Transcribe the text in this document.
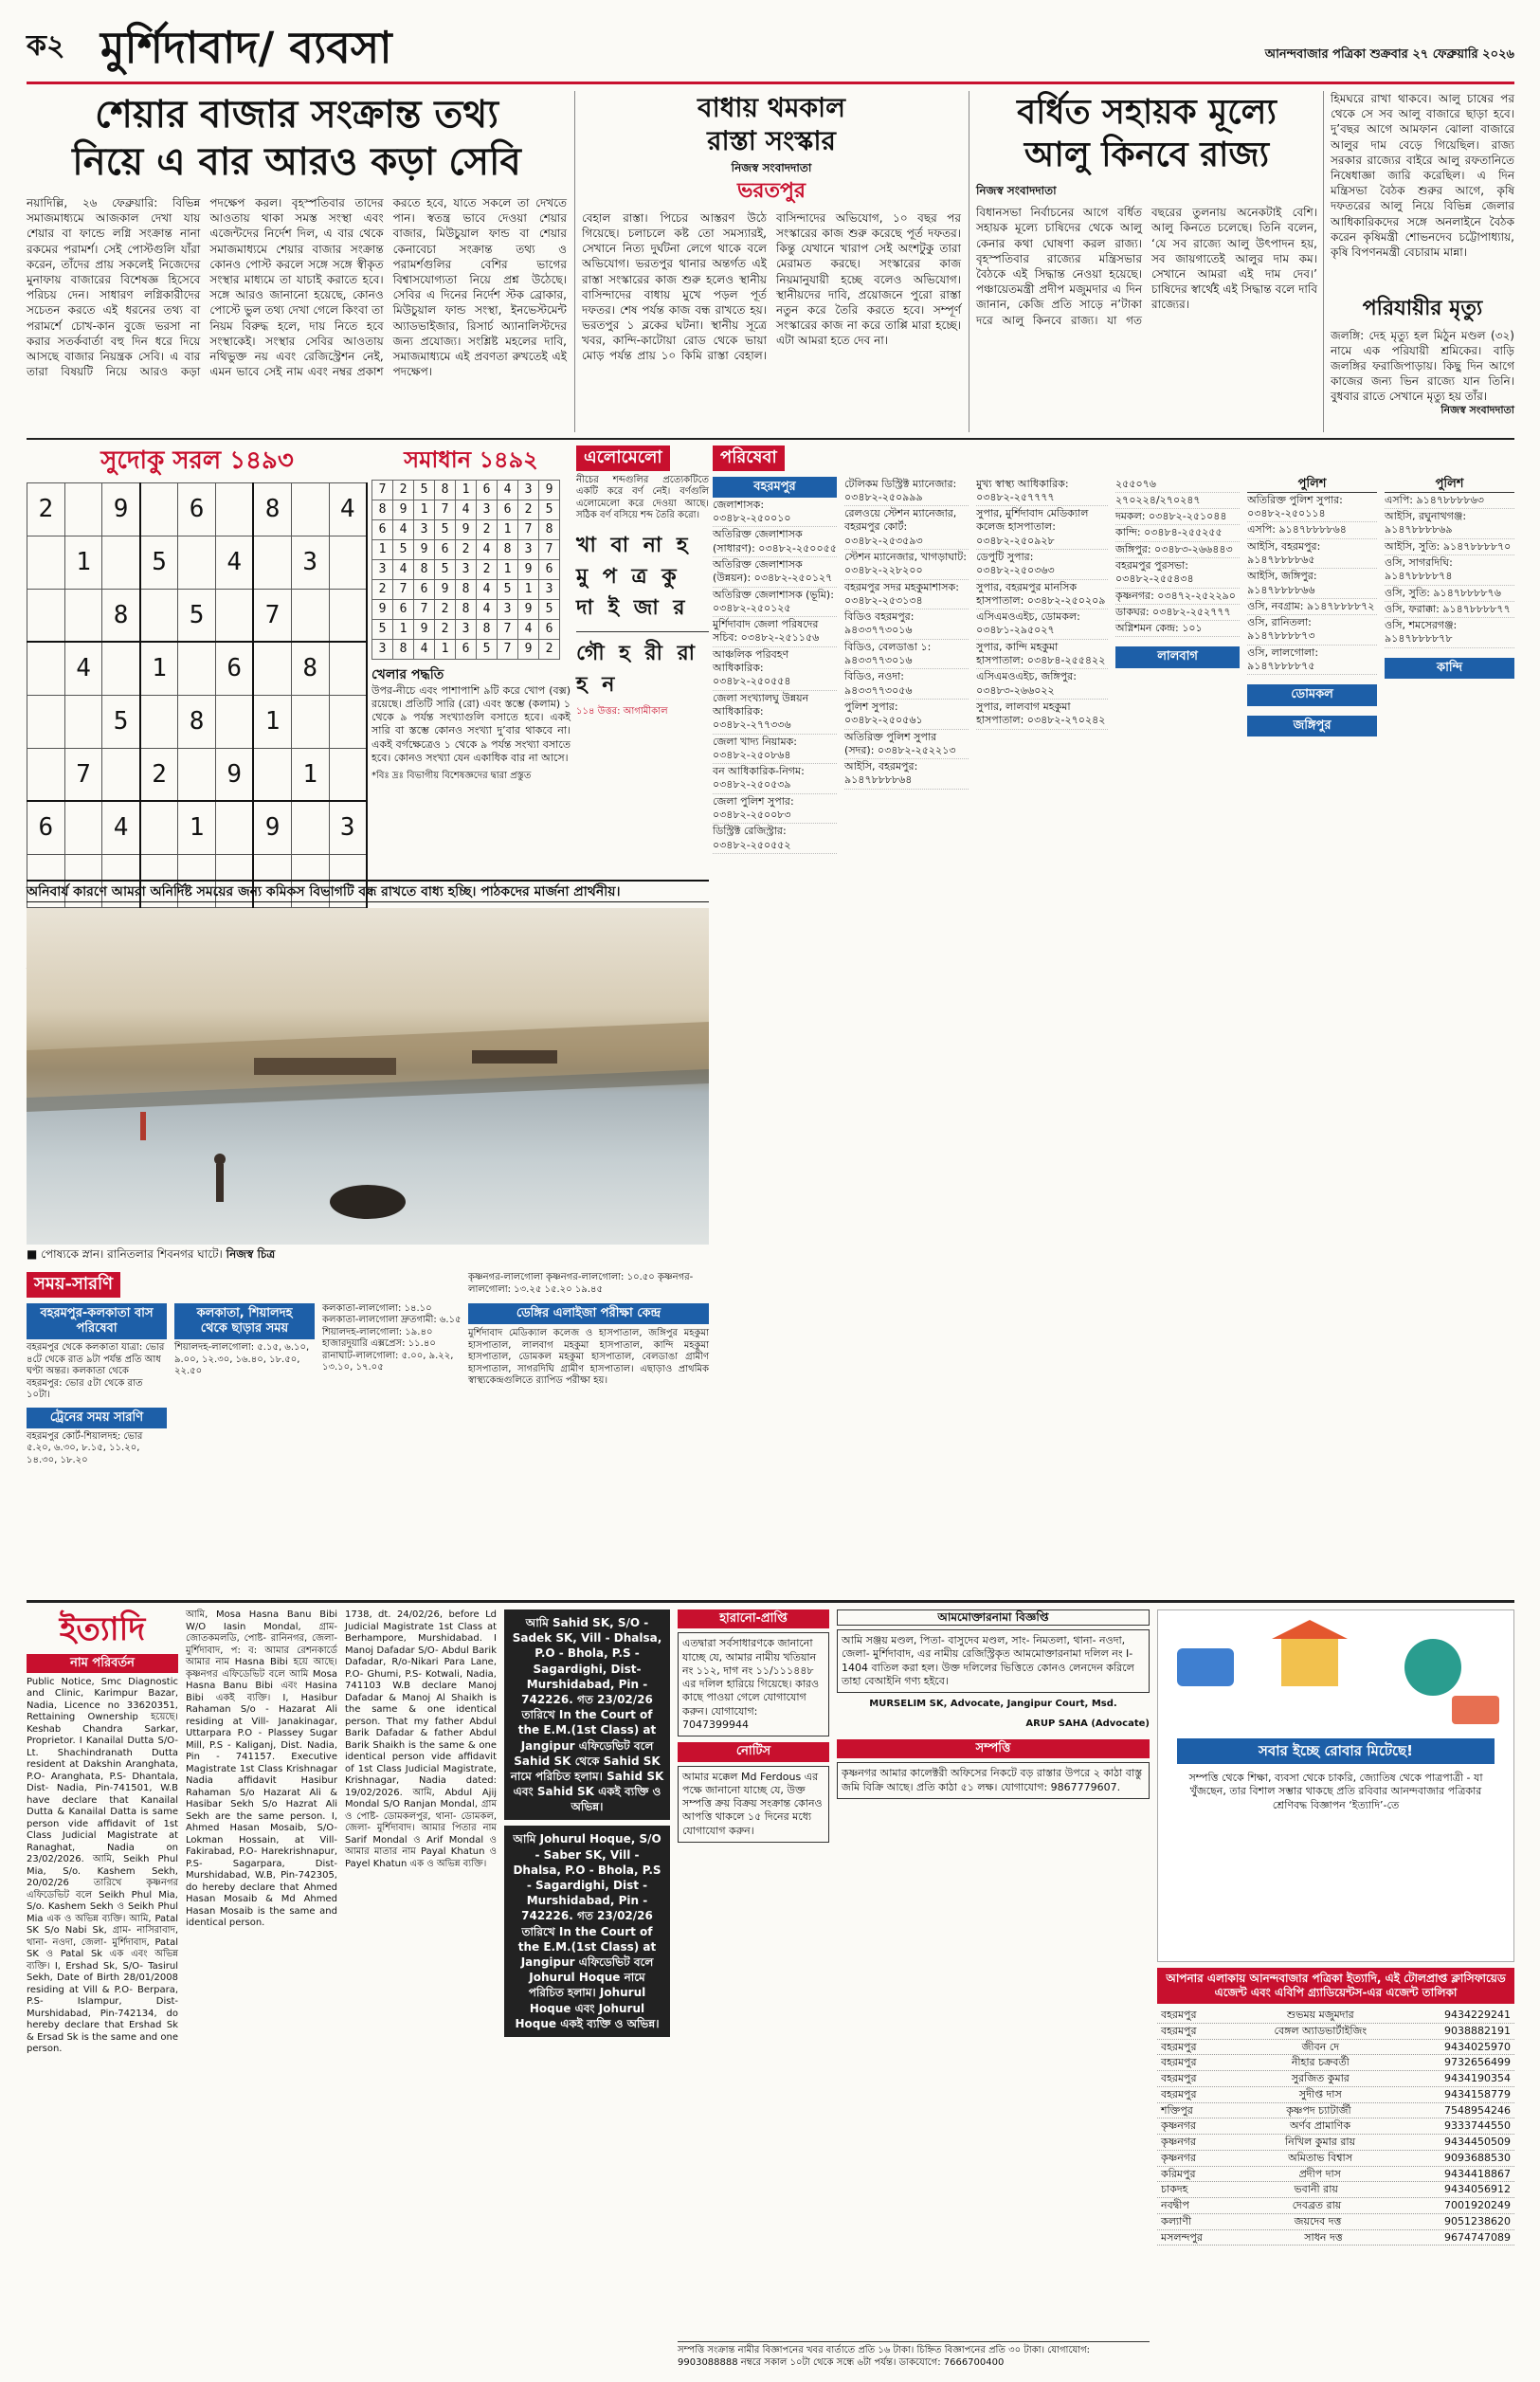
ক২ মুর্শিদাবাদ/ ব্যবসা	আনন্দবাজার পত্রিকা শুক্রবার ২৭ ফেব্রুয়ারি ২০২৬
শেয়ার বাজার সংক্রান্ত তথ্য
নিয়ে এ বার আরও কড়া সেবি
নয়াদিল্লি, ২৬ ফেব্রুয়ারি: বিভিন্ন সমাজমাধ্যমে আজকাল দেখা যায় শেয়ার বা ফান্ডে লগ্নি সংক্রান্ত নানা রকমের পরামর্শ। সেই পোস্টগুলি যাঁরা করেন, তাঁদের প্রায় সকলেই নিজেদের মুনাফায় বাজারের বিশেষজ্ঞ হিসেবে পরিচয় দেন। সাধারণ লগ্নিকারীদের সচেতন করতে এই ধরনের তথ্য বা পরামর্শে চোখ-কান বুজে ভরসা না করার সতর্কবার্তা বহু দিন ধরে দিয়ে আসছে বাজার নিয়ন্ত্রক সেবি। এ বার তারা বিষয়টি নিয়ে আরও কড়া পদক্ষেপ করল। বৃহস্পতিবার তাদের আওতায় থাকা সমস্ত সংস্থা এবং এজেন্টদের নির্দেশ দিল, এ বার থেকে সমাজমাধ্যমে শেয়ার বাজার সংক্রান্ত কোনও পোস্ট করলে সঙ্গে সঙ্গে স্বীকৃত সংস্থার মাধ্যমে তা যাচাই করাতে হবে। সঙ্গে আরও জানানো হয়েছে, কোনও পোস্টে ভুল তথ্য দেখা গেলে কিংবা তা নিয়ম বিরুদ্ধ হলে, দায় নিতে হবে সংস্থাকেই। সংস্থার সেবির আওতায় নথিভুক্ত নয় এবং রেজিস্ট্রেশন নেই, এমন ভাবে সেই নাম এবং নম্বর প্রকাশ করতে হবে, যাতে সকলে তা দেখতে পান। স্বতন্ত্র ভাবে দেওয়া শেয়ার বাজার, মিউচুয়াল ফান্ড বা শেয়ার কেনাবেচা সংক্রান্ত তথ্য ও পরামর্শগুলির বেশির ভাগের বিশ্বাসযোগ্যতা নিয়ে প্রশ্ন উঠেছে। সেবির এ দিনের নির্দেশ স্টক ব্রোকার, মিউচুয়াল ফান্ড সংস্থা, ইনভেস্টমেন্ট অ্যাডভাইজার, রিসার্চ অ্যানালিস্টদের জন্য প্রযোজ্য। সংশ্লিষ্ট মহলের দাবি, সমাজমাধ্যমে এই প্রবণতা রুখতেই এই পদক্ষেপ।
বাধায় থমকাল
রাস্তা সংস্কার
নিজস্ব সংবাদদাতা
ভরতপুর
বেহাল রাস্তা। পিচের আস্তরণ উঠে গিয়েছে। চলাচলে কষ্ট তো সমস্যারই, সেখানে নিত্য দুর্ঘটনা লেগে থাকে বলে অভিযোগ। ভরতপুর থানার অন্তর্গত এই রাস্তা সংস্কারের কাজ শুরু হলেও স্থানীয় বাসিন্দাদের বাধায় মুখে পড়ল পূর্ত দফতর। শেষ পর্যন্ত কাজ বন্ধ রাখতে হয়। ভরতপুর ১ ব্লকের ঘটনা। স্থানীয় সূত্রে খবর, কান্দি-কাটোয়া রোড থেকে ভায়া মোড় পর্যন্ত প্রায় ১০ কিমি রাস্তা বেহাল। বাসিন্দাদের অভিযোগ, ১০ বছর পর সংস্কারের কাজ শুরু করেছে পূর্ত দফতর। কিন্তু যেখানে খারাপ সেই অংশটুকু তারা মেরামত করছে। সংস্কারের কাজ নিয়মানুযায়ী হচ্ছে বলেও অভিযোগ। স্থানীয়দের দাবি, প্রয়োজনে পুরো রাস্তা নতুন করে তৈরি করতে হবে। সম্পূর্ণ সংস্কারের কাজ না করে তাপ্পি মারা হচ্ছে। এটা আমরা হতে দেব না।
বর্ধিত সহায়ক মূল্যে
আলু কিনবে রাজ্য
নিজস্ব সংবাদদাতা
বিধানসভা নির্বাচনের আগে বর্ধিত সহায়ক মূল্যে চাষিদের থেকে আলু কেনার কথা ঘোষণা করল রাজ্য। বৃহস্পতিবার রাজ্যের মন্ত্রিসভার বৈঠকে এই সিদ্ধান্ত নেওয়া হয়েছে। পঞ্চায়েতমন্ত্রী প্রদীপ মজুমদার এ দিন জানান, কেজি প্রতি সাড়ে ন’টাকা দরে আলু কিনবে রাজ্য। যা গত বছরের তুলনায় অনেকটাই বেশি। আলু কিনতে চলেছে। তিনি বলেন, ‘যে সব রাজ্যে আলু উৎপাদন হয়, সব জায়গাতেই আলুর দাম কম। সেখানে আমরা এই দাম দেব।’ চাষিদের স্বার্থেই এই সিদ্ধান্ত বলে দাবি রাজ্যের।
হিমঘরে রাখা থাকবে। আলু চাষের পর থেকে সে সব আলু বাজারে ছাড়া হবে। দু’বছর আগে আমফান ঝোলা বাজারে আলুর দাম বেড়ে গিয়েছিল। রাজ্য সরকার রাজ্যের বাইরে আলু রফতানিতে নিষেধাজ্ঞা জারি করেছিল। এ দিন মন্ত্রিসভা বৈঠক শুরুর আগে, কৃষি দফতরের আলু নিয়ে বিভিন্ন জেলার আধিকারিকদের সঙ্গে অনলাইনে বৈঠক করেন কৃষিমন্ত্রী শোভনদেব চট্টোপাধ্যায়, কৃষি বিপণনমন্ত্রী বেচারাম মান্না।
পরিযায়ীর মৃত্যু
জলঙ্গি: দেহ মৃত্যু হল মিঠুন মণ্ডল (৩২) নামে এক পরিযায়ী শ্রমিকের। বাড়ি জলঙ্গির ফরাজিপাড়ায়। কিছু দিন আগে কাজের জন্য ভিন রাজ্যে যান তিনি। বুধবার রাতে সেখানে মৃত্যু হয় তাঁর।
নিজস্ব সংবাদদাতা
সুদোকু সরল ১৪৯৩
2		9		6		8		4
	1		5		4		3	
		8		5		7		
	4		1		6		8	
		5		8		1		
	7		2		9		1	
6		4		1		9		3

সমাধান ১৪৯২
7	2	5	8	1	6	4	3	9
8	9	1	7	4	3	6	2	5
6	4	3	5	9	2	1	7	8
1	5	9	6	2	4	8	3	7
3	4	8	5	3	2	1	9	6
2	7	6	9	8	4	5	1	3
9	6	7	2	8	4	3	9	5
5	1	9	2	3	8	7	4	6
3	8	4	1	6	5	7	9	2
খেলার পদ্ধতি
উপর-নীচে এবং পাশাপাশি ৯টি করে খোপ (বক্স) রয়েছে। প্রতিটি সারি (রো) এবং স্তম্ভে (কলাম) ১ থেকে ৯ পর্যন্ত সংখ্যাগুলি বসাতে হবে। একই সারি বা স্তম্ভে কোনও সংখ্যা দু’বার থাকবে না। একই বর্গক্ষেত্রেও ১ থেকে ৯ পর্যন্ত সংখ্যা বসাতে হবে। কোনও সংখ্যা যেন একাধিক বার না আসে।
*বিঃ দ্রঃ বিভাগীয় বিশেষজ্ঞদের দ্বারা প্রস্তুত
এলোমেলো
নীচের শব্দগুলির প্রত্যেকটিতে একটি করে বর্ণ নেই। বর্ণগুলি এলোমেলো করে দেওয়া আছে। সঠিক বর্ণ বসিয়ে শব্দ তৈরি করো।
খা বা না হ মু প ত্র কু দা ই জা র
গৌ হ রী রা হ ন
১১৪ উত্তর: আগামীকাল
অনিবার্য কারণে আমরা অনির্দিষ্ট সময়ের জন্য কমিকস বিভাগটি বন্ধ রাখতে বাধ্য হচ্ছি। পাঠকদের মার্জনা প্রার্থনীয়।
■ পোষ্যকে স্নান। রানিতলার শিবনগর ঘাটে। নিজস্ব চিত্র
পরিষেবা
বহরমপুর
জেলাশাসক: ০৩৪৮২-২৫০০১০
অতিরিক্ত জেলাশাসক (সাধারণ): ০৩৪৮২-২৫০০৫৫
অতিরিক্ত জেলাশাসক (উন্নয়ন): ০৩৪৮২-২৫০১২৭
অতিরিক্ত জেলাশাসক (ভূমি): ০৩৪৮২-২৫০১২৫
মুর্শিদাবাদ জেলা পরিষদের সচিব: ০৩৪৮২-২৫১১৫৬
আঞ্চলিক পরিবহণ আধিকারিক: ০৩৪৮২-২৫০৫৫৪
জেলা সংখ্যালঘু উন্নয়ন আধিকারিক: ০৩৪৮২-২৭৭৩৩৬
জেলা খাদ্য নিয়ামক: ০৩৪৮২-২৫০৮৬৪
বন আধিকারিক-নিগম: ০৩৪৮২-২৫০৫৩৯
জেলা পুলিশ সুপার: ০৩৪৮২-২৫০০৮৩
ডিস্ট্রিক্ট রেজিস্ট্রার: ০৩৪৮২-২৫০৫৫২
টেলিকম ডিস্ট্রিক্ট ম্যানেজার: ০৩৪৮২-২৫০৯৯৯
রেলওয়ে স্টেশন ম্যানেজার, বহরমপুর কোর্ট: ০৩৪৮২-২৫৩৫৯৩
স্টেশন ম্যানেজার, খাগড়াঘাট: ০৩৪৮২-২২৮২০০
বহরমপুর সদর মহকুমাশাসক: ০৩৪৮২-২৫৩১৩৪
বিডিও বহরমপুর: ৯৪৩৩৭৭৩০১৬
বিডিও, বেলডাঙা ১: ৯৪৩৩৭৭৩০১৬
বিডিও, নওদা: ৯৪৩৩৭৭৩০৫৬
পুলিশ সুপার: ০৩৪৮২-২৫০৫৬১
অতিরিক্ত পুলিশ সুপার (সদর): ০৩৪৮২-২৫২২১৩
আইসি, বহরমপুর: ৯১৪৭৮৮৮৮৬৪
মুখ্য স্বাস্থ্য আধিকারিক: ০৩৪৮২-২৫৭৭৭৭
সুপার, মুর্শিদাবাদ মেডিক্যাল কলেজ হাসপাতাল: ০৩৪৮২-২৫০৯২৮
ডেপুটি সুপার: ০৩৪৮২-২৫০৩৬৩
সুপার, বহরমপুর মানসিক হাসপাতাল: ০৩৪৮২-২৫০২০৯
এসিএমওএইচ, ডোমকল: ০৩৪৮১-২৯৫০২৭
সুপার, কান্দি মহকুমা হাসপাতাল: ০৩৪৮৪-২৫৫৪২২
এসিএমওএইচ, জঙ্গিপুর: ০৩৪৮৩-২৬৬০২২
সুপার, লালবাগ মহকুমা হাসপাতাল: ০৩৪৮২-২৭০২৪২
২৫৫০৭৬
২৭০২২৪/২৭০২৪৭
দমকল: ০৩৪৮২-২৫১০৪৪
কান্দি: ০৩৪৮৪-২৫৫২৫৫
জঙ্গিপুর: ০৩৪৮৩-২৬৬৪৪৩
বহরমপুর পুরসভা: ০৩৪৮২-২৫৫৪৩৪
কৃষ্ণনগর: ০৩৪৭২-২৫২২৯০
ডাকঘর: ০৩৪৮২-২৫২৭৭৭
অগ্নিশমন কেন্দ্র: ১০১
লালবাগ
পুলিশ
অতিরিক্ত পুলিশ সুপার: ০৩৪৮২-২৫০১১৪
এসপি: ৯১৪৭৮৮৮৮৬৪
আইসি, বহরমপুর: ৯১৪৭৮৮৮৮৬৫
আইসি, জঙ্গিপুর: ৯১৪৭৮৮৮৮৬৬
ওসি, নবগ্রাম: ৯১৪৭৮৮৮৮৭২
ওসি, রানিতলা: ৯১৪৭৮৮৮৮৭৩
ওসি, লালগোলা: ৯১৪৭৮৮৮৮৭৫
ডোমকল
জঙ্গিপুর
পুলিশ
এসপি: ৯১৪৭৮৮৮৮৬৩
আইসি, রঘুনাথগঞ্জ: ৯১৪৭৮৮৮৮৬৯
আইসি, সুতি: ৯১৪৭৮৮৮৮৭০
ওসি, সাগরদিঘি: ৯১৪৭৮৮৮৮৭৪
ওসি, সুতি: ৯১৪৭৮৮৮৮৭৬
ওসি, ফরাক্কা: ৯১৪৭৮৮৮৮৭৭
ওসি, শমসেরগঞ্জ: ৯১৪৭৮৮৮৮৭৮
কান্দি
সময়-সারণি
বহরমপুর-কলকাতা বাস পরিষেবা
বহরমপুর থেকে কলকাতা যাত্রা: ভোর ৪টে থেকে রাত ৯টা পর্যন্ত প্রতি আধ ঘণ্টা অন্তর। কলকাতা থেকে বহরমপুর: ভোর ৫টা থেকে রাত ১০টা।
ট্রেনের সময় সারণি
বহরমপুর কোর্ট-শিয়ালদহ: ভোর ৫.২০, ৬.৩০, ৮.১৫, ১১.২০, ১৪.৩০, ১৮.২০
কলকাতা, শিয়ালদহ থেকে ছাড়ার সময়
শিয়ালদহ-লালগোলা: ৫.১৫, ৬.১০, ৯.০০, ১২.৩০, ১৬.৪০, ১৮.৫০, ২২.৫০
কলকাতা-লালগোলা: ১৪.১০ কলকাতা-লালগোলা দ্রুতগামী: ৬.১৫ শিয়ালদহ-লালগোলা: ১৯.৪০ হাজারদুয়ারি এক্সপ্রেস: ১১.৪০ রানাঘাট-লালগোলা: ৫.০০, ৯.২২, ১৩.১০, ১৭.০৫
কৃষ্ণনগর-লালগোলা কৃষ্ণনগর-লালগোলা: ১০.৫০ কৃষ্ণনগর-লালগোলা: ১৩.২৫ ১৫.২০ ১৯.৪৫
ডেঙ্গির এলাইজা পরীক্ষা কেন্দ্র
মুর্শিদাবাদ মেডিক্যাল কলেজ ও হাসপাতাল, জঙ্গিপুর মহকুমা হাসপাতাল, লালবাগ মহকুমা হাসপাতাল, কান্দি মহকুমা হাসপাতাল, ডোমকল মহকুমা হাসপাতাল, বেলডাঙা গ্রামীণ হাসপাতাল, সাগরদিঘি গ্রামীণ হাসপাতাল। এছাড়াও প্রাথমিক স্বাস্থ্যকেন্দ্রগুলিতে র‍্যাপিড পরীক্ষা হয়।
ইত্যাদি
নাম পরিবর্তন
Public Notice, Smc Diagnostic and Clinic, Karimpur Bazar, Nadia, Licence no 33620351, Rettaining Ownership হয়েছে। Keshab Chandra Sarkar, Proprietor. I Kanailal Dutta S/O- Lt. Shachindranath Dutta resident at Dakshin Aranghata, P.O- Aranghata, P.S- Dhantala, Dist- Nadia, Pin-741501, W.B have declare that Kanailal Dutta & Kanailal Datta is same person vide affidavit of 1st Class Judicial Magistrate at Ranaghat, Nadia on 23/02/2026. আমি, Seikh Phul Mia, S/o. Kashem Sekh, 20/02/26 তারিখে কৃষ্ণনগর এফিডেভিট বলে Seikh Phul Mia, S/o. Kashem Sekh ও Seikh Phul Mia এক ও অভিন্ন ব্যক্তি। আমি, Patal SK S/o Nabi Sk, গ্রাম- নাসিরাবাদ, থানা- নওদা, জেলা- মুর্শিদাবাদ, Patal SK ও Patal Sk এক এবং অভিন্ন ব্যক্তি। I, Ershad Sk, S/O- Tasirul Sekh, Date of Birth 28/01/2008 residing at Vill & P.O- Berpara, P.S- Islampur, Dist- Murshidabad, Pin-742134, do hereby declare that Ershad Sk & Ersad Sk is the same and one person.
আমি, Mosa Hasna Banu Bibi W/O Iasin Mondal, গ্রাম- জোতকমলডি, পোষ্ট- রানিনগর, জেলা- মুর্শিদাবাদ, প: ব: আমার রেশনকার্ডে আমার নাম Hasna Bibi হয়ে আছে। কৃষ্ণনগর এফিডেভিট বলে আমি Mosa Hasna Banu Bibi এবং Hasina Bibi একই ব্যক্তি। I, Hasibur Rahaman S/o - Hazarat Ali residing at Vill- Janakinagar, Uttarpara P.O - Plassey Sugar Mill, P.S - Kaliganj, Dist. Nadia, Pin - 741157. Executive Magistrate 1st Class Krishnagar Nadia affidavit Hasibur Rahaman S/o Hazarat Ali & Hasibar Sekh S/o Hazrat Ali Sekh are the same person. I, Ahmed Hasan Mosaib, S/O- Lokman Hossain, at Vill- Fakirabad, P.O- Harekrishnapur, P.S- Sagarpara, Dist- Murshidabad, W.B, Pin-742305, do hereby declare that Ahmed Hasan Mosaib & Md Ahmed Hasan Mosaib is the same and identical person.
1738, dt. 24/02/26, before Ld Judicial Magistrate 1st Class at Berhampore, Murshidabad. I Manoj Dafadar S/O- Abdul Barik Dafadar, R/o-Nikari Para Lane, P.O- Ghumi, P.S- Kotwali, Nadia, 741103 W.B declare Manoj Dafadar & Manoj Al Shaikh is the same & one identical person. That my father Abdul Barik Dafadar & father Abdul Barik Shaikh is the same & one identical person vide affidavit of 1st Class Judicial Magistrate, Krishnagar, Nadia dated: 19/02/2026. আমি, Abdul Ajij Mondal S/O Ranjan Mondal, গ্রাম ও পোষ্ট- ডোমকলপুর, থানা- ডোমকল, জেলা- মুর্শিদাবাদ। আমার পিতার নাম Sarif Mondal ও Arif Mondal ও আমার মাতার নাম Payal Khatun ও Payel Khatun এক ও অভিন্ন ব্যক্তি।
আমি Sahid SK, S/O - Sadek SK, Vill - Dhalsa, P.O - Bhola, P.S - Sagardighi, Dist- Murshidabad, Pin - 742226. গত 23/02/26 তারিখে In the Court of the E.M.(1st Class) at Jangipur এফিডেভিট বলে Sahid SK থেকে Sahid SK নামে পরিচিত হলাম। Sahid SK এবং Sahid SK একই ব্যক্তি ও অভিন্ন।
আমি Johurul Hoque, S/O - Saber SK, Vill - Dhalsa, P.O - Bhola, P.S - Sagardighi, Dist - Murshidabad, Pin - 742226. গত 23/02/26 তারিখে In the Court of the E.M.(1st Class) at Jangipur এফিডেভিট বলে Johurul Hoque নামে পরিচিত হলাম। Johurul Hoque এবং Johurul Hoque একই ব্যক্তি ও অভিন্ন।
হারানো-প্রাপ্তি
এতদ্বারা সর্বসাধারণকে জানানো যাচ্ছে যে, আমার নামীয় খতিয়ান নং ১১২, দাগ নং ১১/১১১৪৪৮ এর দলিল হারিয়ে গিয়েছে। কারও কাছে পাওয়া গেলে যোগাযোগ করুন। যোগাযোগ: 7047399944
নোটিস
আমার মক্কেল Md Ferdous এর পক্ষে জানানো যাচ্ছে যে, উক্ত সম্পত্তি ক্রয় বিক্রয় সংক্রান্ত কোনও আপত্তি থাকলে ১৫ দিনের মধ্যে যোগাযোগ করুন।
আমমোক্তারনামা বিজ্ঞপ্তি
আমি সঞ্জয় মণ্ডল, পিতা- বাসুদেব মণ্ডল, সাং- নিমতলা, থানা- নওদা, জেলা- মুর্শিদাবাদ, এর নামীয় রেজিস্ট্রিকৃত আমমোক্তারনামা দলিল নং I-1404 বাতিল করা হল। উক্ত দলিলের ভিত্তিতে কোনও লেনদেন করিলে তাহা বেআইনি গণ্য হইবে।
MURSELIM SK, Advocate, Jangipur Court, Msd.
ARUP SAHA (Advocate)
সম্পত্তি
কৃষ্ণনগর আমার কালেক্টরী অফিসের নিকটে বড় রাস্তার উপরে ২ কাঠা বাস্তু জমি বিক্রি আছে। প্রতি কাঠা ৫১ লক্ষ। যোগাযোগ: 9867779607.
সবার ইচ্ছে রোবার মিটেছে!
সম্পত্তি থেকে শিক্ষা, ব্যবসা থেকে চাকরি, জ্যোতিষ থেকে পাত্রপাত্রী - যা খুঁজছেন, তার বিশাল সম্ভার থাকছে প্রতি রবিবার আনন্দবাজার পত্রিকার শ্রেণিবদ্ধ বিজ্ঞাপন ‘ইত্যাদি’-তে
আপনার এলাকায় আনন্দবাজার পত্রিকা ইত্যাদি, এই টোলপ্রাপ্ত ক্লাসিফায়েড এজেন্ট এবং এবিপি গ্ৰ্যাডিয়েন্টস-এর এজেন্ট তালিকা
বহরমপুর	শুভময় মজুমদার	9434229241
বহরমপুর	বেঙ্গল অ্যাডভার্টাইজিং	9038882191
বহরমপুর	জীবন দে	9434025970
বহরমপুর	নীহার চক্রবর্তী	9732656499
বহরমপুর	সুরজিত কুমার	9434190354
বহরমপুর	সুদীপ্ত দাস	9434158779
শক্তিপুর	কৃষ্ণপদ চ্যাটার্জী	7548954246
কৃষ্ণনগর	অর্ণব প্রামাণিক	9333744550
কৃষ্ণনগর	নিখিল কুমার রায়	9434450509
কৃষ্ণনগর	অমিতাভ বিশ্বাস	9093688530
করিমপুর	প্রদীপ দাস	9434418867
চাকদহ	ভবানী রায়	9434056912
নবদ্বীপ	দেবব্রত রায়	7001920249
কল্যাণী	জয়দেব দত্ত	9051238620
মসলন্দপুর	সাধন দত্ত	9674747089
সম্পত্তি সংক্রান্ত নামীর বিজ্ঞাপনের খবর বার্তাতে প্রতি ১৬ টাকা। চিহ্নিত বিজ্ঞাপনের প্রতি ৩০ টাকা। যোগাযোগ: 9903088888 নম্বরে সকাল ১০টা থেকে সন্ধে ৬টা পর্যন্ত। ডাকযোগে: 7666700400
